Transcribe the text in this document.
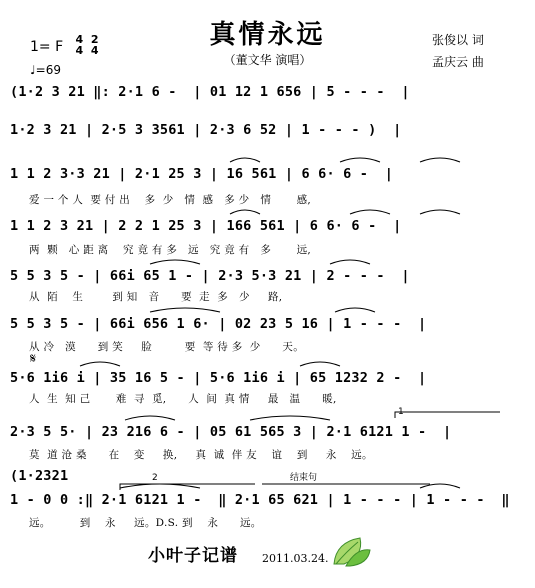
真情永远
（董文华 演唱）
张俊以 词
孟庆云 曲
1= F	4  2
4  4
♩=69
(1·2 3 21 ‖: 2·1 6 -  | 01 12 1 656 | 5 - - -  |
1·2 3 21 | 2·5 3 3561 | 2·3 6 52 | 1 - - - )  |
1 1 2 3·3 21 | 2·1 25 3 | 16 561 | 6 6· 6 -  |
爱 一 个 人  要 付 出    多  少   情  感   多 少   情       感,
1 1 2 3 21 | 2 2 1 25 3 | 166 561 | 6 6· 6 -  |
两  颗   心 距 离    究 竟 有 多   远   究 竟 有   多       远,
5 5 3 5 - | 66i 65 1 - | 2·3 5·3 21 | 2 - - -  |
从  陌    生        到 知   音      要  走  多   少     路,
5 5 3 5 - | 66i 656 1 6· | 02 23 5 16 | 1 - - -  |
从 冷   漠      到 笑     脸         要  等 待 多  少      天。
𝄋
5·6 1i6 i | 35 16 5 - | 5·6 1i6 i | 65 1232 2 -  |
人  生  知 己       难  寻  觅,      人  间  真 情     最   温      暖,
1
2·3 5 5· | 23 216 6 - | 05 61 565 3 | 2·1 6121 1 -  |
莫  道 沧 桑      在    变     换,     真  诚  伴 友    谊    到     永    远。
(1·2321	2	结束句
1 - 0 0 :‖ 2·1 6121 1 -  ‖ 2·1 65 621 | 1 - - - | 1 - - -  ‖
远。        到    永     远。D.S. 到    永      远。
小叶子记谱 2011.03.24.
